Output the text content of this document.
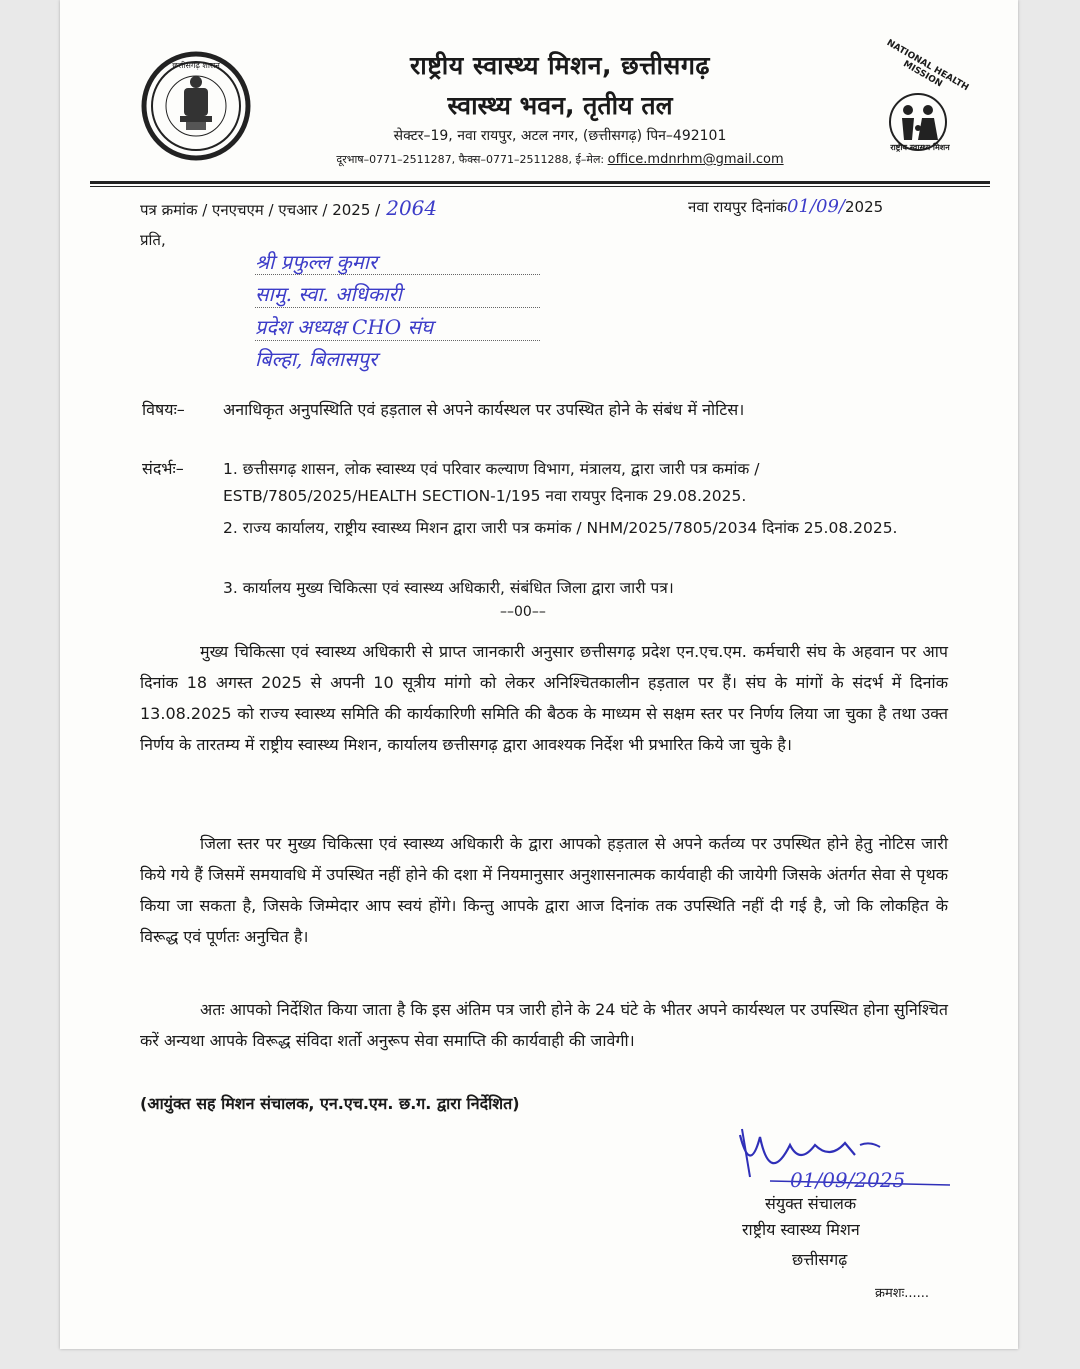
छत्तीसगढ़ शासन	राष्ट्रीय स्वास्थ्य मिशन, छत्तीसगढ़
स्वास्थ्य भवन, तृतीय तल
सेक्टर–19, नवा रायपुर, अटल नगर, (छत्तीसगढ़) पिन–492101
दूरभाष–0771–2511287, फैक्स–0771–2511288, ई–मेल: office.mdnrhm@gmail.com
NATIONAL HEALTH MISSION
राष्ट्रीय स्वास्थ्य मिशन
पत्र क्रमांक / एनएचएम / एचआर / 2025 / 2064	नवा रायपुर दिनांक01/09/2025
प्रति,
श्री प्रफुल्ल कुमार
सामु. स्वा. अधिकारी
प्रदेश अध्यक्ष CHO संघ
बिल्हा, बिलासपुर
विषयः– अनाधिकृत अनुपस्थिति एवं हड़ताल से अपने कार्यस्थल पर उपस्थित होने के संबंध में नोटिस।
संदर्भः–	1. छत्तीसगढ़ शासन, लोक स्वास्थ्य एवं परिवार कल्याण विभाग, मंत्रालय, द्वारा जारी पत्र कमांक / ESTB/7805/2025/HEALTH SECTION-1/195 नवा रायपुर दिनाक 29.08.2025.
2. राज्य कार्यालय, राष्ट्रीय स्वास्थ्य मिशन द्वारा जारी पत्र कमांक / NHM/2025/7805/2034 दिनांक 25.08.2025.
3. कार्यालय मुख्य चिकित्सा एवं स्वास्थ्य अधिकारी, संबंधित जिला द्वारा जारी पत्र।
––00––
मुख्य चिकित्सा एवं स्वास्थ्य अधिकारी से प्राप्त जानकारी अनुसार छत्तीसगढ़ प्रदेश एन.एच.एम. कर्मचारी संघ के अहवान पर आप दिनांक 18 अगस्त 2025 से अपनी 10 सूत्रीय मांगो को लेकर अनिश्चितकालीन हड़ताल पर हैं। संघ के मांगों के संदर्भ में दिनांक 13.08.2025 को राज्य स्वास्थ्य समिति की कार्यकारिणी समिति की बैठक के माध्यम से सक्षम स्तर पर निर्णय लिया जा चुका है तथा उक्त निर्णय के तारतम्य में राष्ट्रीय स्वास्थ्य मिशन, कार्यालय छत्तीसगढ़ द्वारा आवश्यक निर्देश भी प्रभारित किये जा चुके है।
जिला स्तर पर मुख्य चिकित्सा एवं स्वास्थ्य अधिकारी के द्वारा आपको हड़ताल से अपने कर्तव्य पर उपस्थित होने हेतु नोटिस जारी किये गये हैं जिसमें समयावधि में उपस्थित नहीं होने की दशा में नियमानुसार अनुशासनात्मक कार्यवाही की जायेगी जिसके अंतर्गत सेवा से पृथक किया जा सकता है, जिसके जिम्मेदार आप स्वयं होंगे। किन्तु आपके द्वारा आज दिनांक तक उपस्थिति नहीं दी गई है, जो कि लोकहित के विरूद्ध एवं पूर्णतः अनुचित है।
अतः आपको निर्देशित किया जाता है कि इस अंतिम पत्र जारी होने के 24 घंटे के भीतर अपने कार्यस्थल पर उपस्थित होना सुनिश्चित करें अन्यथा आपके विरूद्ध संविदा शर्तो अनुरूप सेवा समाप्ति की कार्यवाही की जावेगी।
(आयुंक्त सह मिशन संचालक, एन.एच.एम. छ.ग. द्वारा निर्देशित)
01/09/2025
संयुक्त संचालक
राष्ट्रीय स्वास्थ्य मिशन
छत्तीसगढ़
क्रमशः......
